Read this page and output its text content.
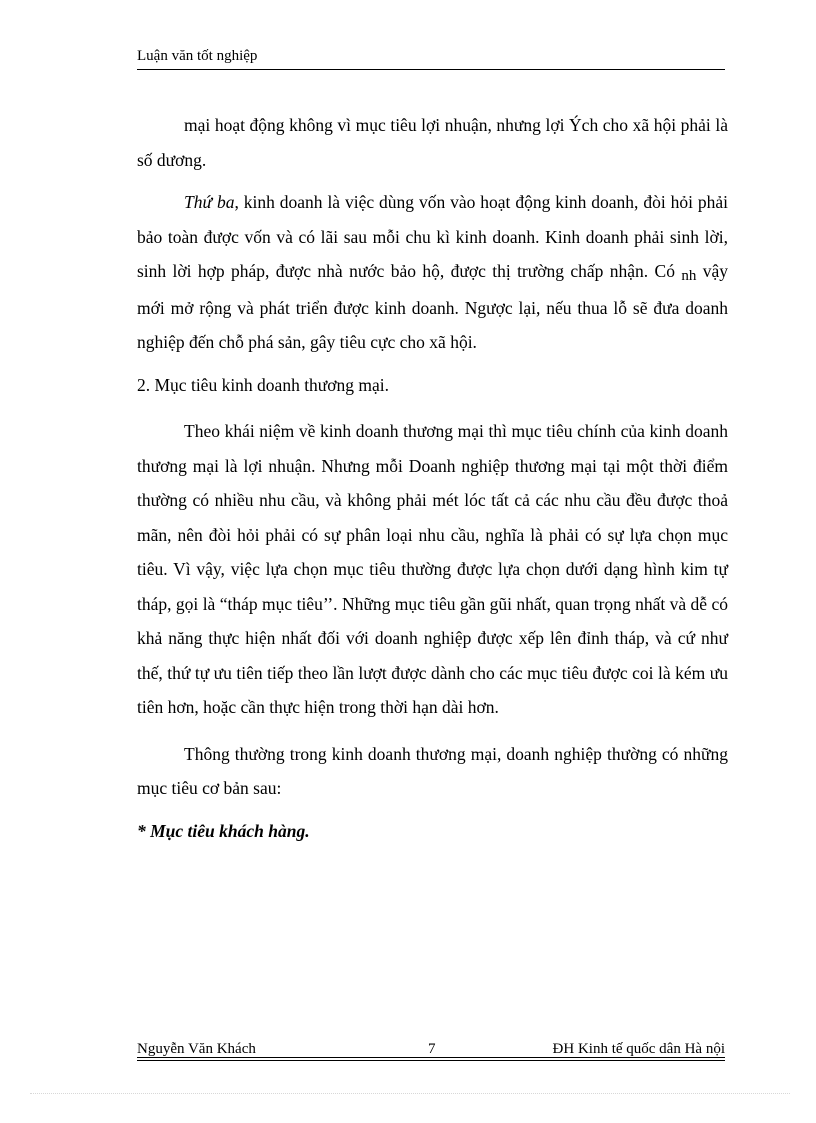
Luận văn tốt nghiệp

mại hoạt động không vì mục tiêu lợi nhuận, nhưng lợi Ých cho xã hội phải là số dương.

Thứ ba, kinh doanh là việc dùng vốn vào hoạt động kinh doanh, đòi hỏi phải bảo toàn được vốn và có lãi sau mỗi chu kì kinh doanh. Kinh doanh phải sinh lời, sinh lời hợp pháp, được nhà nước bảo hộ, được thị trường chấp nhận. Có nh vậy mới mở rộng và phát triển được kinh doanh. Ngược lại, nếu thua lỗ sẽ đưa doanh nghiệp đến chỗ phá sản, gây tiêu cực cho xã hội.

2. Mục tiêu kinh doanh thương mại.

Theo khái niệm về kinh doanh thương mại thì mục tiêu chính của kinh doanh thương mại là lợi nhuận. Nhưng mỗi Doanh nghiệp thương mại tại một thời điểm thường có nhiều nhu cầu, và không phải mét lóc tất cả các nhu cầu đều được thoả mãn, nên đòi hỏi phải có sự phân loại nhu cầu, nghĩa là phải có sự lựa chọn mục tiêu. Vì vậy, việc lựa chọn mục tiêu thường được lựa chọn dưới dạng hình kim tự tháp, gọi là “tháp mục tiêu’’. Những mục tiêu gần gũi nhất, quan trọng nhất và dễ có khả năng thực hiện nhất đối với doanh nghiệp được xếp lên đỉnh tháp, và cứ như thế, thứ tự ưu tiên tiếp theo lần lượt được dành cho các mục tiêu được coi là kém ưu tiên hơn, hoặc cần thực hiện trong thời hạn dài hơn.

Thông thường trong kinh doanh thương mại, doanh nghiệp thường có những mục tiêu cơ bản sau:

* Mục tiêu khách hàng.

Nguyễn Văn Khách	7	ĐH Kinh tế quốc dân Hà nội
